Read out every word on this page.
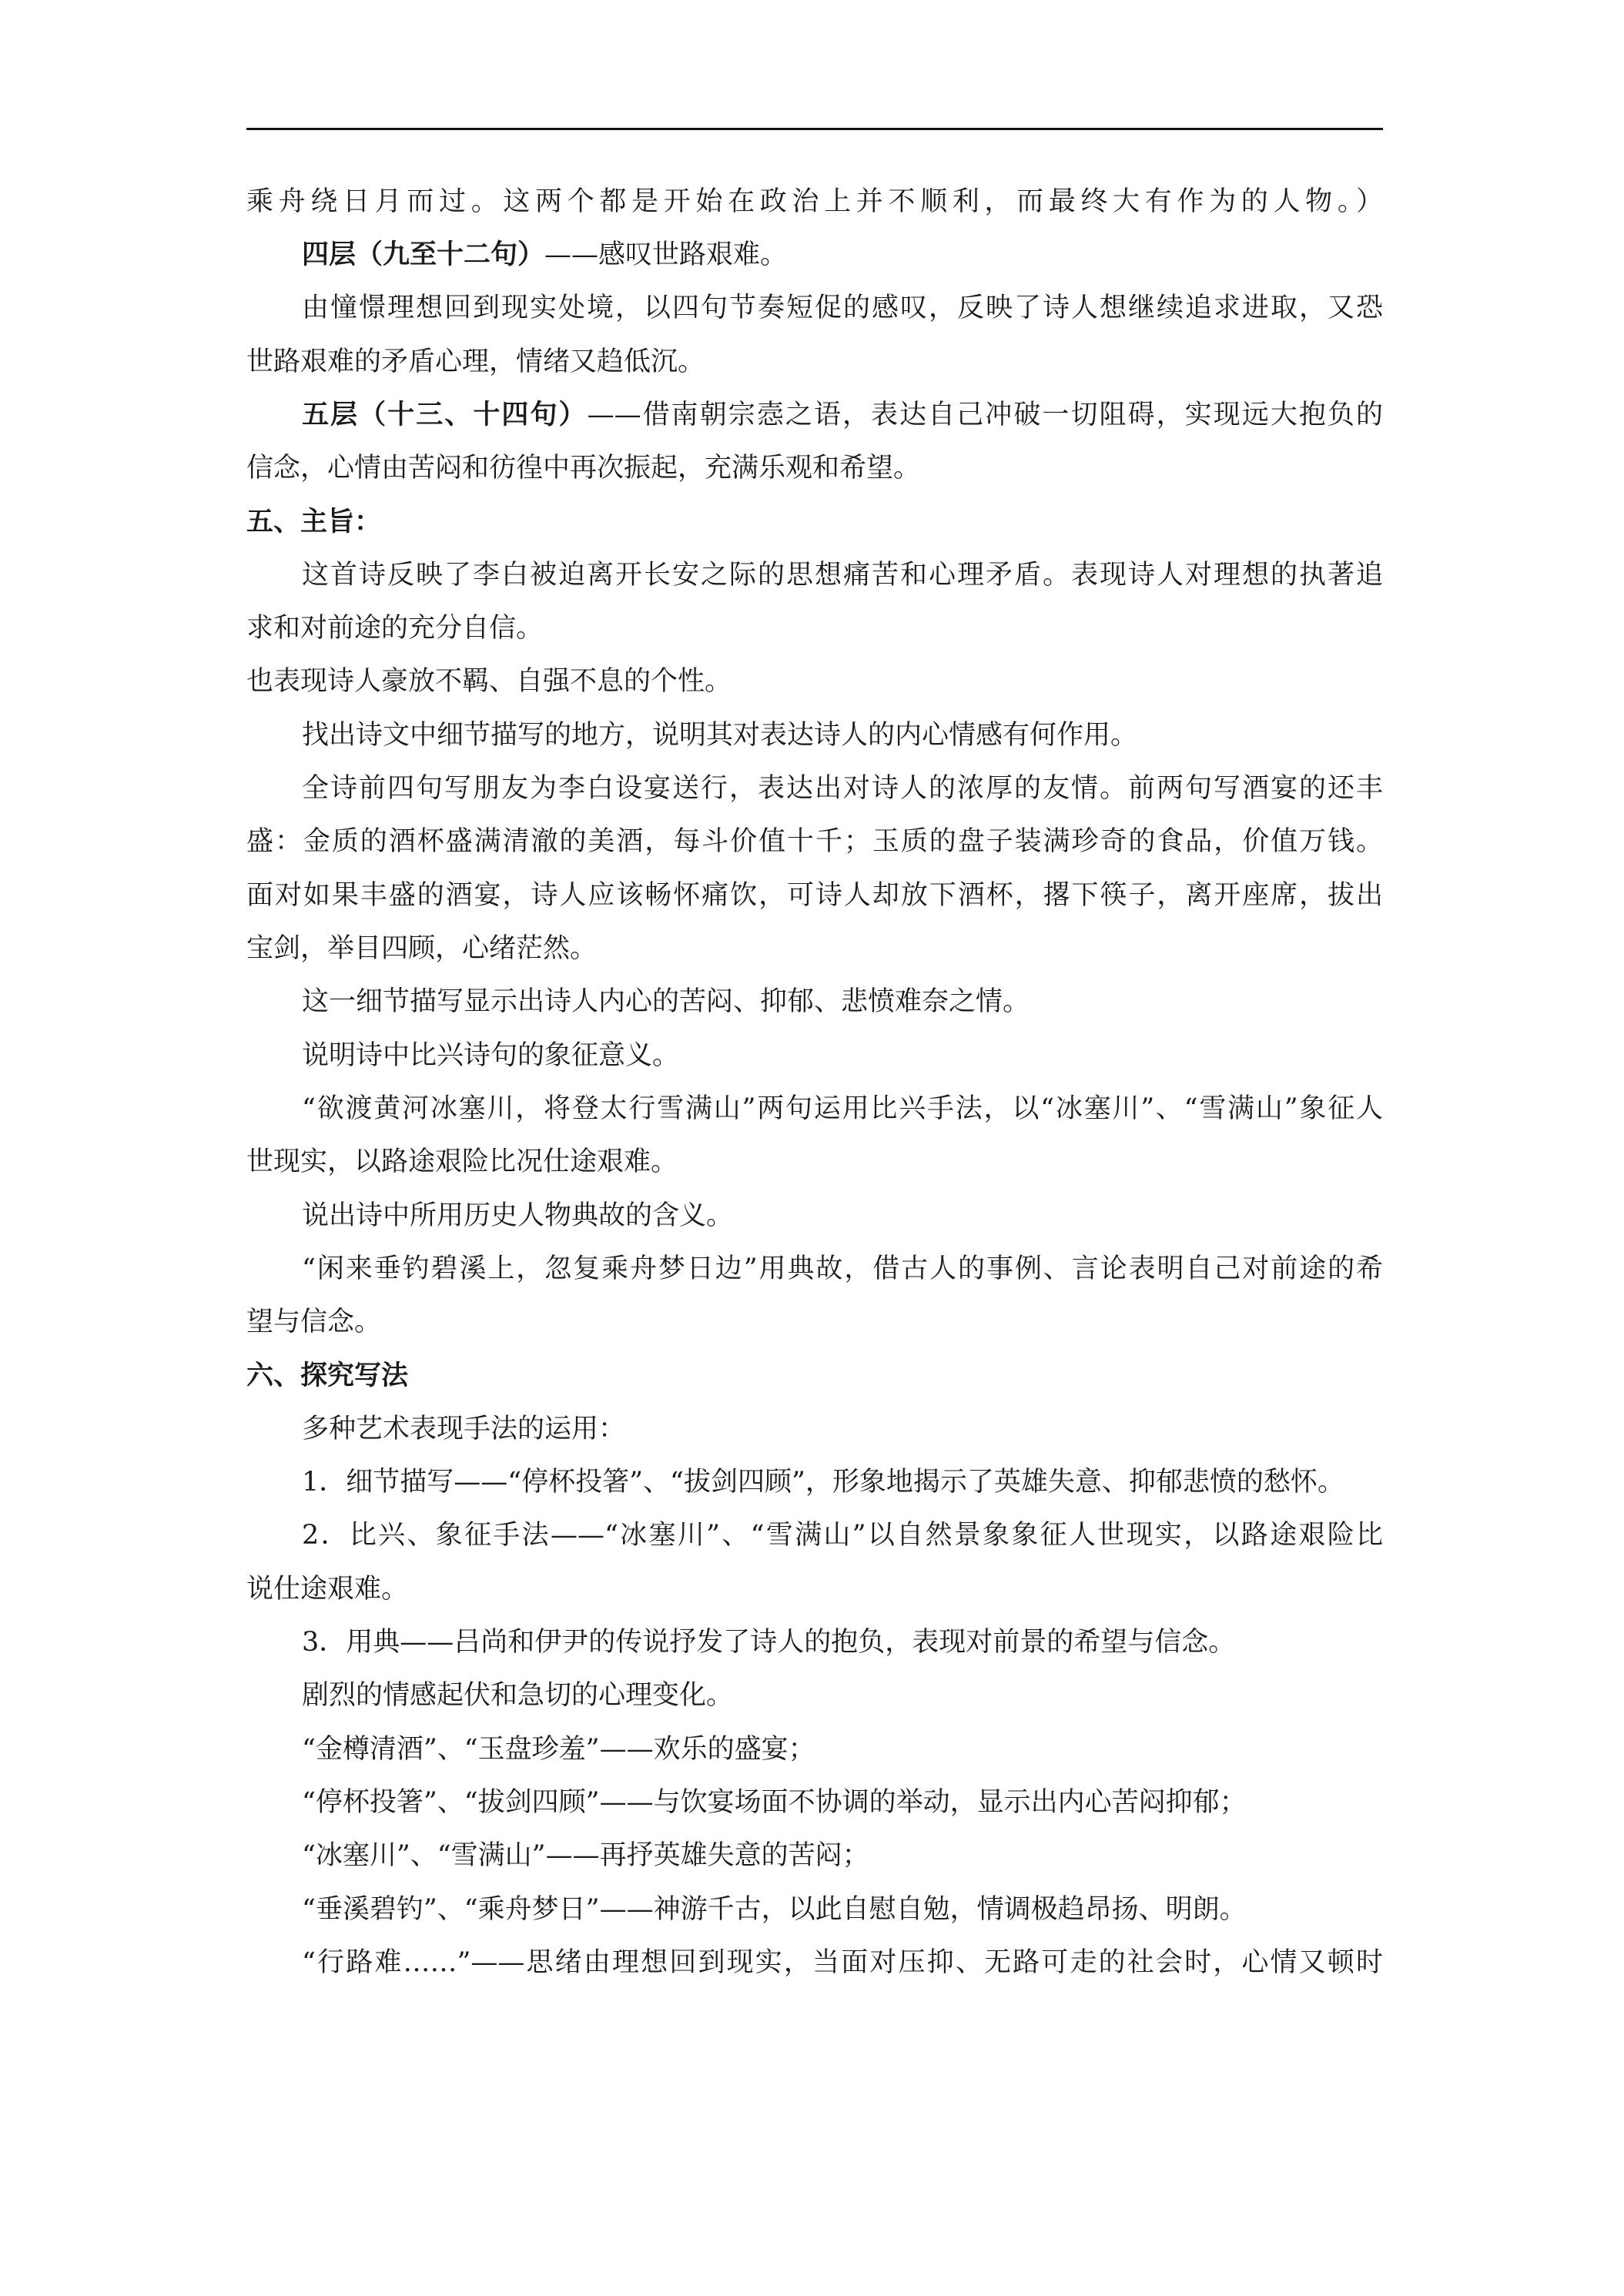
乘舟绕日月而过。这两个都是开始在政治上并不顺利，而最终大有作为的人物。）
四层（九至十二句）——感叹世路艰难。
由憧憬理想回到现实处境，以四句节奏短促的感叹，反映了诗人想继续追求进取，又恐
世路艰难的矛盾心理，情绪又趋低沉。
五层（十三、十四句）——借南朝宗悫之语，表达自己冲破一切阻碍，实现远大抱负的
信念，心情由苦闷和彷徨中再次振起，充满乐观和希望。
五、主旨：
这首诗反映了李白被迫离开长安之际的思想痛苦和心理矛盾。表现诗人对理想的执著追
求和对前途的充分自信。
也表现诗人豪放不羁、自强不息的个性。
找出诗文中细节描写的地方，说明其对表达诗人的内心情感有何作用。
全诗前四句写朋友为李白设宴送行，表达出对诗人的浓厚的友情。前两句写酒宴的还丰
盛：金质的酒杯盛满清澈的美酒，每斗价值十千；玉质的盘子装满珍奇的食品，价值万钱。
面对如果丰盛的酒宴，诗人应该畅怀痛饮，可诗人却放下酒杯，撂下筷子，离开座席，拔出
宝剑，举目四顾，心绪茫然。
这一细节描写显示出诗人内心的苦闷、抑郁、悲愤难奈之情。
说明诗中比兴诗句的象征意义。
“欲渡黄河冰塞川，将登太行雪满山”两句运用比兴手法，以“冰塞川”、“雪满山”象征人
世现实，以路途艰险比况仕途艰难。
说出诗中所用历史人物典故的含义。
“闲来垂钓碧溪上，忽复乘舟梦日边”用典故，借古人的事例、言论表明自己对前途的希
望与信念。
六、探究写法
多种艺术表现手法的运用：
1．细节描写——“停杯投箸”、“拔剑四顾”，形象地揭示了英雄失意、抑郁悲愤的愁怀。
2．比兴、象征手法——“冰塞川”、“雪满山”以自然景象象征人世现实，以路途艰险比
说仕途艰难。
3．用典——吕尚和伊尹的传说抒发了诗人的抱负，表现对前景的希望与信念。
剧烈的情感起伏和急切的心理变化。
“金樽清酒”、“玉盘珍羞”——欢乐的盛宴；
“停杯投箸”、“拔剑四顾”——与饮宴场面不协调的举动，显示出内心苦闷抑郁；
“冰塞川”、“雪满山”——再抒英雄失意的苦闷；
“垂溪碧钓”、“乘舟梦日”——神游千古，以此自慰自勉，情调极趋昂扬、明朗。
“行路难……”——思绪由理想回到现实，当面对压抑、无路可走的社会时，心情又顿时
